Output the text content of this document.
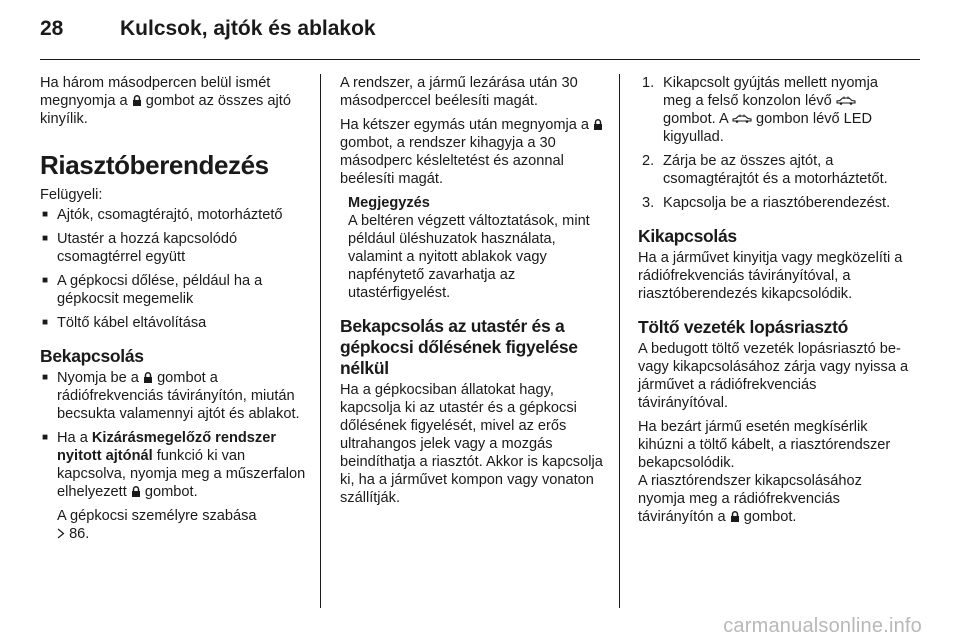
28	Kulcsok, ajtók és ablakok

Ha három másodpercen belül ismét megnyomja a gombot az összes ajtó kinyílik.

Riasztóberendezés

Felügyeli:

■ Ajtók, csomagtérajtó, motorháztető
■ Utastér a hozzá kapcsolódó csomagtérrel együtt
■ A gépkocsi dőlése, például ha a gépkocsit megemelik
■ Töltő kábel eltávolítása
Bekapcsolás
■ Nyomja be a gombot a rádiófrekvenciás távirányítón, miután becsukta valamennyi ajtót és ablakot.
■ Ha a Kizárásmegelőző rendszer nyitott ajtónál funkció ki van kapcsolva, nyomja meg a műszerfalon elhelyezett gombot.
A gépkocsi személyre szabása
86.

A rendszer, a jármű lezárása után 30 másodperccel beélesíti magát.

Ha kétszer egymás után megnyomja a  gombot, a rendszer kihagyja a 30 másodperc késleltetést és azonnal beélesíti magát.

Megjegyzés
A beltéren végzett változtatások, mint például üléshuzatok használata, valamint a nyitott ablakok vagy napfénytető zavarhatja az utastérfigyelést.
Bekapcsolás az utastér és a gépkocsi dőlésének figyelése nélkül

Ha a gépkocsiban állatokat hagy, kapcsolja ki az utastér és a gépkocsi dőlésének figyelését, mivel az erős ultrahangos jelek vagy a mozgás beindíthatja a riasztót. Akkor is kapcsolja ki, ha a járművet kompon vagy vonaton szállítják.

1. Kikapcsolt gyújtás mellett nyomja meg a felső konzolon lévő
gombot. A gombon lévő LED kigyullad.
2. Zárja be az összes ajtót, a csomagtérajtót és a motorháztetőt.
3. Kapcsolja be a riasztóberendezést.
Kikapcsolás

Ha a járművet kinyitja vagy megközelíti a rádiófrekvenciás távirányítóval, a riasztóberendezés kikapcsolódik.

Töltő vezeték lopásriasztó

A bedugott töltő vezeték lopásriasztó be- vagy kikapcsolásához zárja vagy nyissa a járművet a rádiófrekvenciás távirányítóval.

Ha bezárt jármű esetén megkísérlik kihúzni a töltő kábelt, a riasztórendszer bekapcsolódik.

A riasztórendszer kikapcsolásához nyomja meg a rádiófrekvenciás távirányítón a gombot.

carmanualsonline.info
